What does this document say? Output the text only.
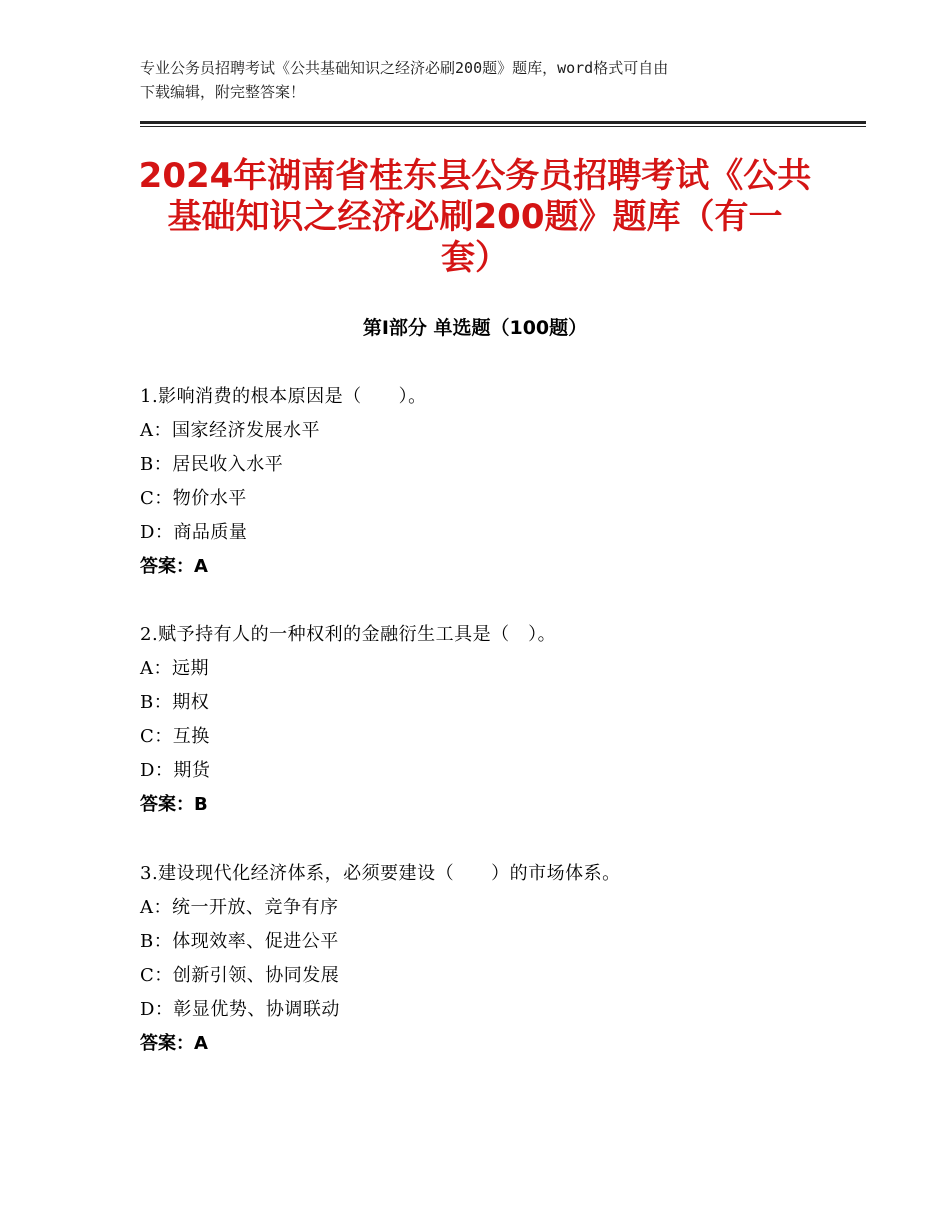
专业公务员招聘考试《公共基础知识之经济必刷200题》题库，word格式可自由
下载编辑，附完整答案！
2024年湖南省桂东县公务员招聘考试《公共
基础知识之经济必刷200题》题库（有一
套）
第Ⅰ部分 单选题（100题）
1.影响消费的根本原因是（　　）。
A：国家经济发展水平
B：居民收入水平
C：物价水平
D：商品质量
答案：A
2.赋予持有人的一种权利的金融衍生工具是（　）。
A：远期
B：期权
C：互换
D：期货
答案：B
3.建设现代化经济体系，必须要建设（　　）的市场体系。
A：统一开放、竞争有序
B：体现效率、促进公平
C：创新引领、协同发展
D：彰显优势、协调联动
答案：A
